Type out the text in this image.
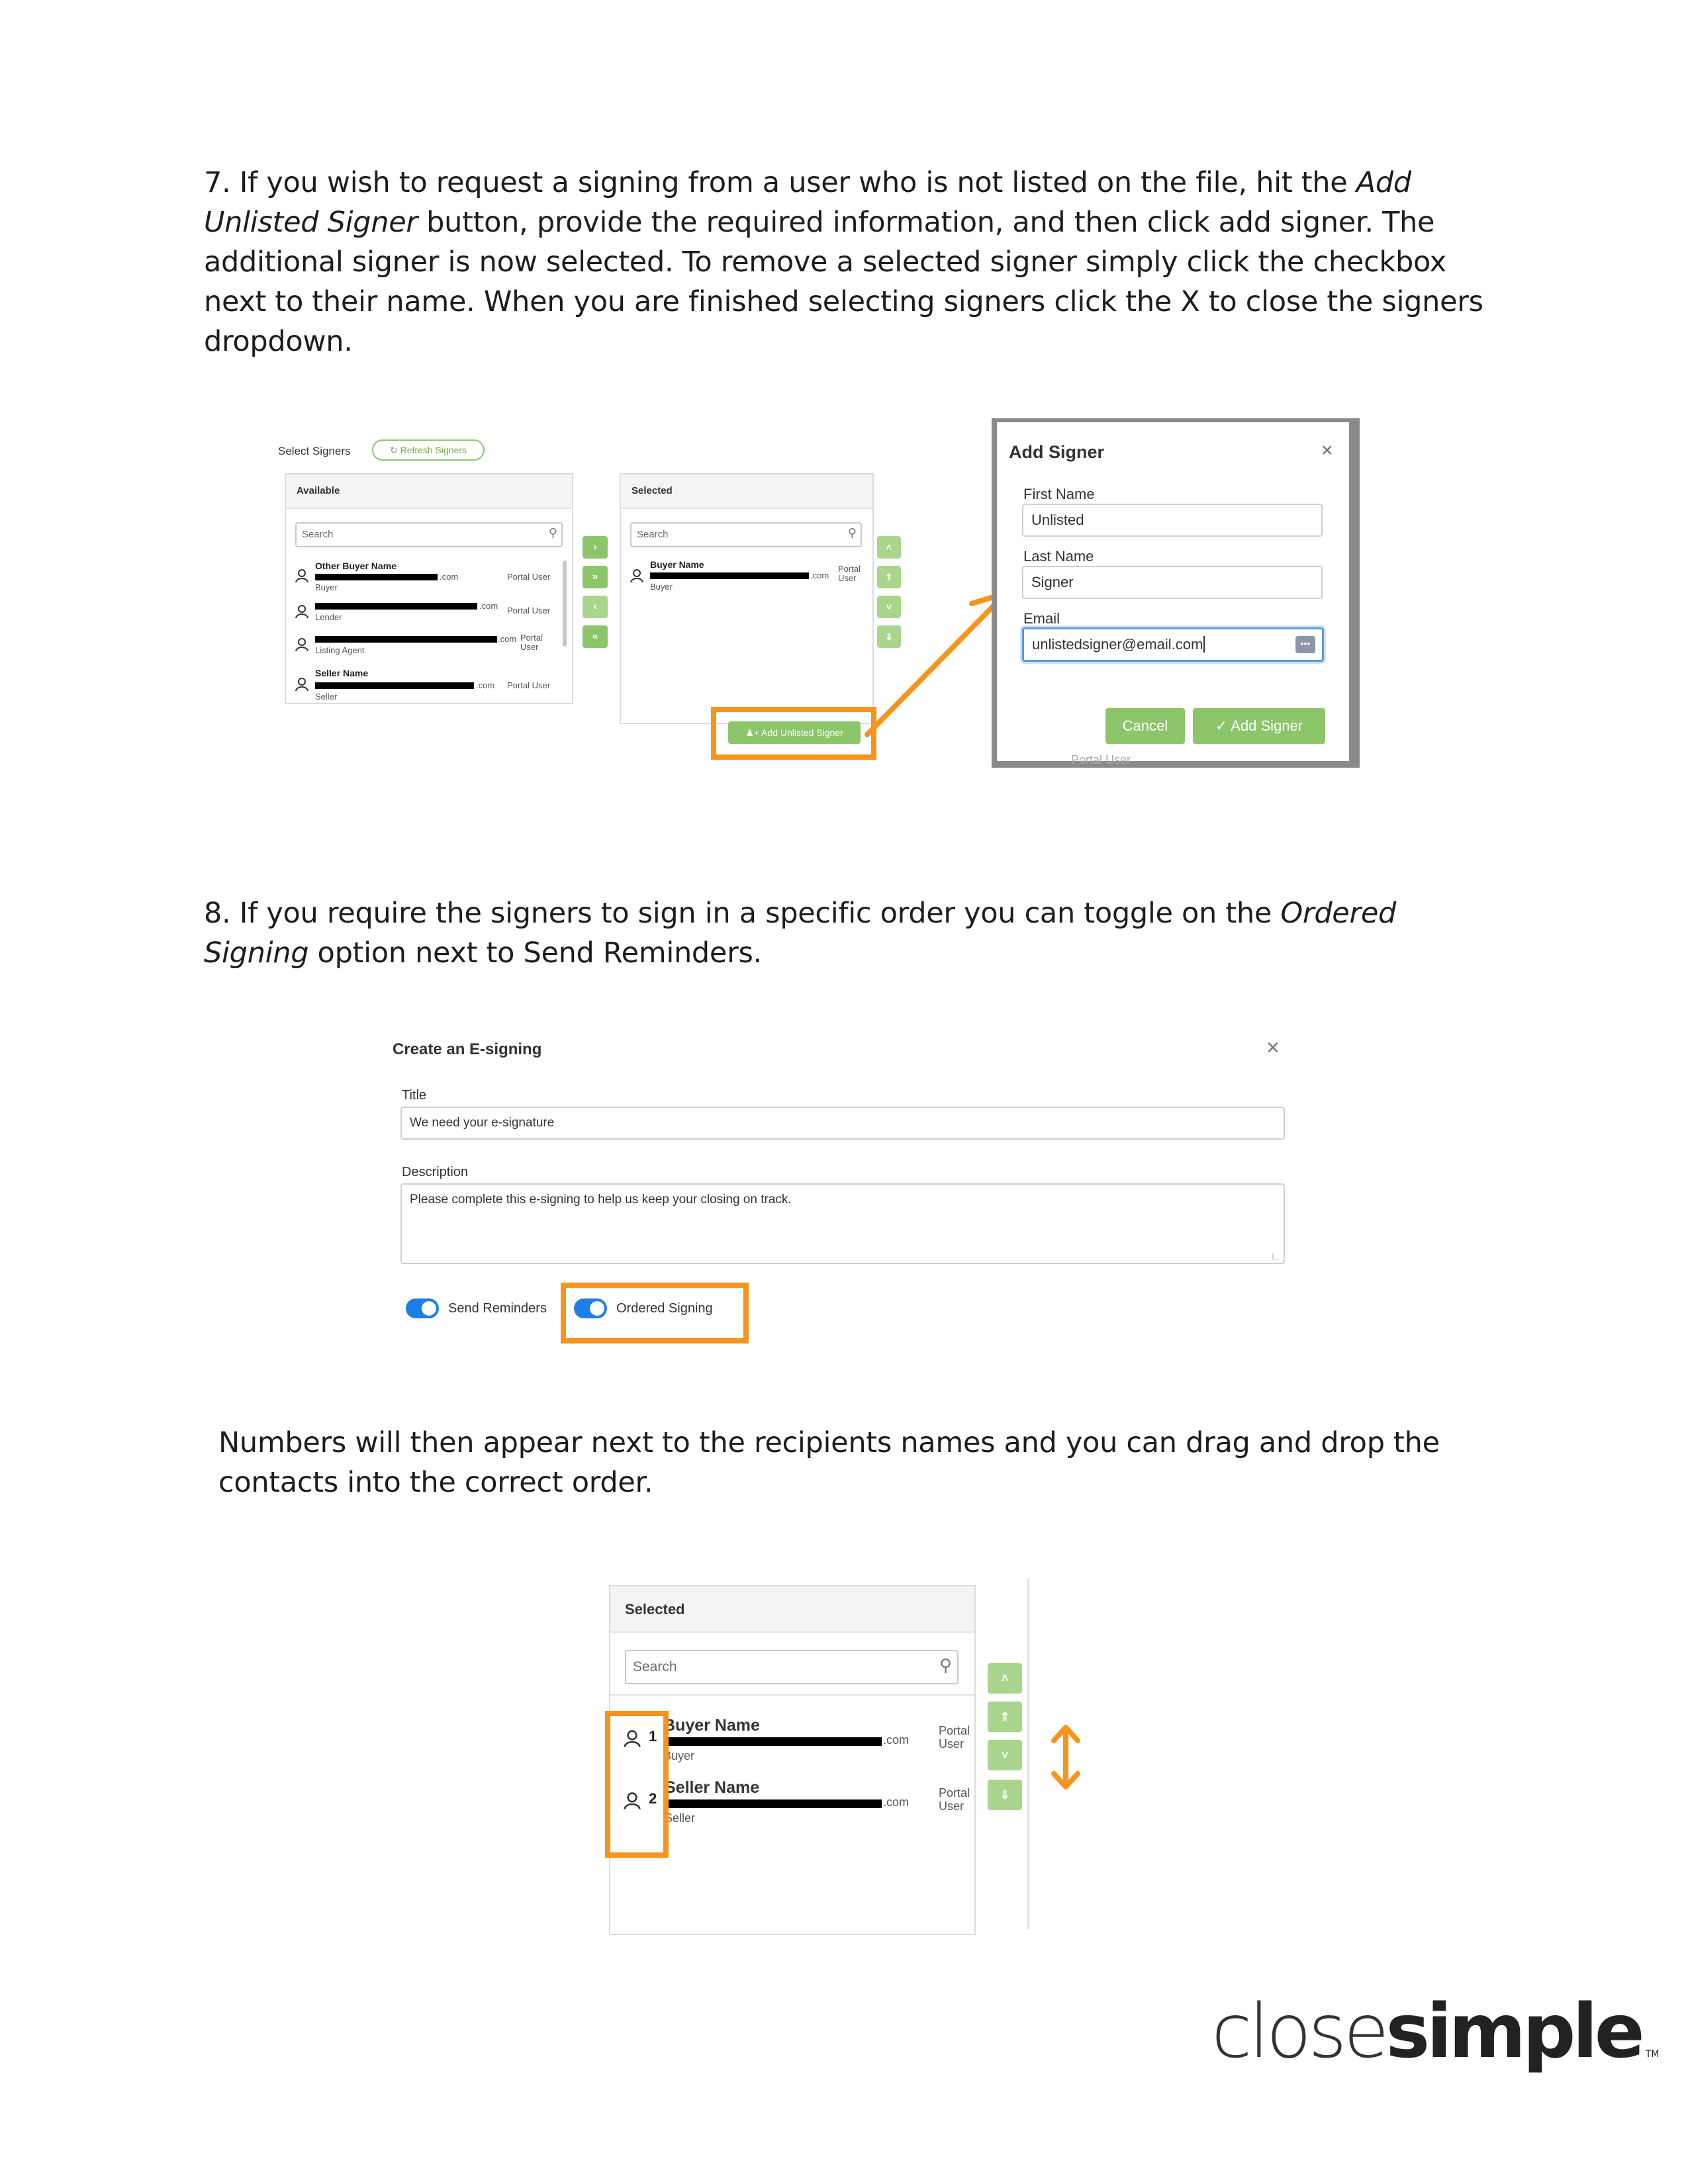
7. If you wish to request a signing from a user who is not listed on the file, hit the Add Unlisted Signer button, provide the required information, and then click add signer. The additional signer is now selected. To remove a selected signer simply click the checkbox next to their name. When you are finished selecting signers click the X to close the signers dropdown.
Select Signers	↻ Refresh Signers
Available
Search	⚲
Other Buyer Name
.com
Buyer
Portal User
.com
Lender
Portal User
.com
Listing Agent
Portal User
Seller Name
.com
Seller
Portal User
›
»
‹
«
Selected
Search	⚲
Buyer Name
.com
Buyer
Portal User
˄
⇑
˅
⇓
♟+ Add Unlisted Signer
Add Signer	×
First Name
Unlisted
Last Name
Signer
Email
unlistedsigner@email.com	•••
Cancel	✓ Add Signer
Portal User
8. If you require the signers to sign in a specific order you can toggle on the Ordered Signing option next to Send Reminders.
Create an E-signing	×
Title
We need your e-signature
Description
Please complete this e-signing to help us keep your closing on track.
∟
Send Reminders	Ordered Signing
Numbers will then appear next to the recipients names and you can drag and drop the contacts into the correct order.
Selected
Search	⚲
1
Buyer Name
.com
Buyer
Portal
User
2
Seller Name
.com
Seller
Portal
User
˄
⇑
˅
⇓
closesimple TM
